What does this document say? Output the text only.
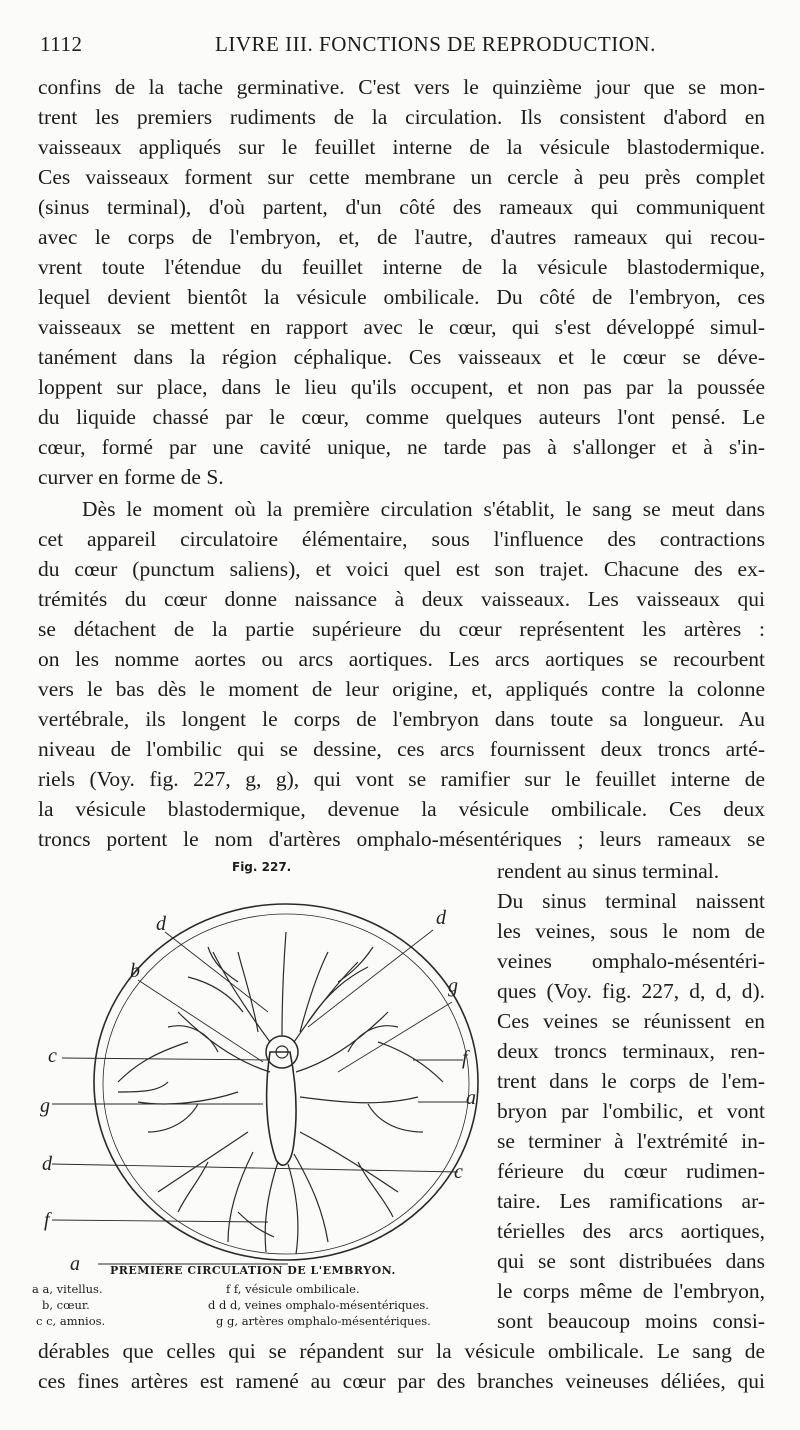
1112	LIVRE III. FONCTIONS DE REPRODUCTION.
confins de la tache germinative. C'est vers le quinzième jour que se mon-
trent les premiers rudiments de la circulation. Ils consistent d'abord en
vaisseaux appliqués sur le feuillet interne de la vésicule blastodermique.
Ces vaisseaux forment sur cette membrane un cercle à peu près complet
(sinus terminal), d'où partent, d'un côté des rameaux qui communiquent
avec le corps de l'embryon, et, de l'autre, d'autres rameaux qui recou-
vrent toute l'étendue du feuillet interne de la vésicule blastodermique,
lequel devient bientôt la vésicule ombilicale. Du côté de l'embryon, ces
vaisseaux se mettent en rapport avec le cœur, qui s'est développé simul-
tanément dans la région céphalique. Ces vaisseaux et le cœur se déve-
loppent sur place, dans le lieu qu'ils occupent, et non pas par la poussée
du liquide chassé par le cœur, comme quelques auteurs l'ont pensé. Le
cœur, formé par une cavité unique, ne tarde pas à s'allonger et à s'in-
curver en forme de S.
Dès le moment où la première circulation s'établit, le sang se meut dans
cet appareil circulatoire élémentaire, sous l'influence des contractions
du cœur (punctum saliens), et voici quel est son trajet. Chacune des ex-
trémités du cœur donne naissance à deux vaisseaux. Les vaisseaux qui
se détachent de la partie supérieure du cœur représentent les artères :
on les nomme aortes ou arcs aortiques. Les arcs aortiques se recourbent
vers le bas dès le moment de leur origine, et, appliqués contre la colonne
vertébrale, ils longent le corps de l'embryon dans toute sa longueur. Au
niveau de l'ombilic qui se dessine, ces arcs fournissent deux troncs arté-
riels (Voy. fig. 227, g, g), qui vont se ramifier sur le feuillet interne de
la vésicule blastodermique, devenue la vésicule ombilicale. Ces deux
troncs portent le nom d'artères omphalo-mésentériques ; leurs rameaux se
rendent au sinus terminal.
Du sinus terminal naissent
les veines, sous le nom de
veines omphalo-mésentéri-
ques (Voy. fig. 227, d, d, d).
Ces veines se réunissent en
deux troncs terminaux, ren-
trent dans le corps de l'em-
bryon par l'ombilic, et vont
se terminer à l'extrémité in-
férieure du cœur rudimen-
taire. Les ramifications ar-
térielles des arcs aortiques,
qui se sont distribuées dans
le corps même de l'embryon,
sont beaucoup moins consi-
Fig. 227.
d
b
d
g
c	f
a
g
d	c
f
a	PREMIÈRE CIRCULATION DE L'EMBRYON.
a a, vitellus.
b, cœur.
c c, amnios.
f f, vésicule ombilicale.
d d d, veines omphalo-mésentériques.
g g, artères omphalo-mésentériques.
dérables que celles qui se répandent sur la vésicule ombilicale. Le sang de
ces fines artères est ramené au cœur par des branches veineuses déliées, qui
